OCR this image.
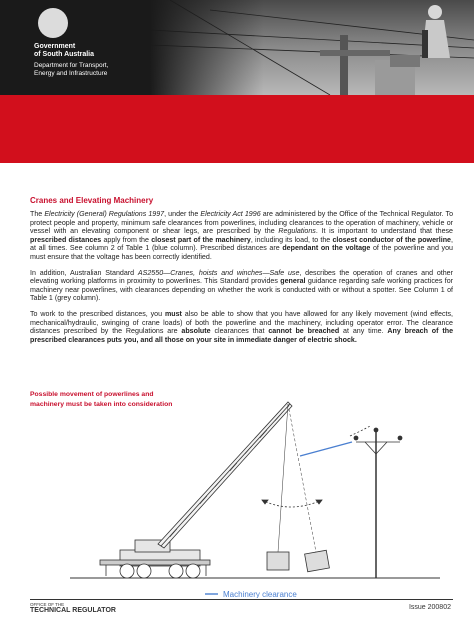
Government
of South Australia
Department for Transport,
Energy and Infrastructure
Cranes and Elevating Machinery

The Electricity (General) Regulations 1997, under the Electricity Act 1996 are administered by the Office of the Technical Regulator. To protect people and property, minimum safe clearances from powerlines, including clearances to the operation of machinery, vehicle or vessel with an elevating component or shear legs, are prescribed by the Regulations. It is important to understand that these prescribed distances apply from the closest part of the machinery, including its load, to the closest conductor of the powerline, at all times. See column 2 of Table 1 (blue column). Prescribed distances are dependant on the voltage of the powerline and you must ensure that the voltage has been correctly identified.

In addition, Australian Standard AS2550—Cranes, hoists and winches—Safe use, describes the operation of cranes and other elevating working platforms in proximity to powerlines. This Standard provides general guidance regarding safe working practices for machinery near powerlines, with clearances depending on whether the work is conducted with or without a spotter. See Column 1 of Table 1 (grey column).

To work to the prescribed distances, you must also be able to show that you have allowed for any likely movement (wind effects, mechanical/hydraulic, swinging of crane loads) of both the powerline and the machinery, including operator error. The clearance distances prescribed by the Regulations are absolute clearances that cannot be breached at any time. Any breach of the prescribed clearances puts you, and all those on your site in immediate danger of electric shock.

Possible movement of powerlines and
machinery must be taken into consideration
Machinery clearance
OFFICE OF THE
TECHNICAL REGULATOR	Issue 200802
